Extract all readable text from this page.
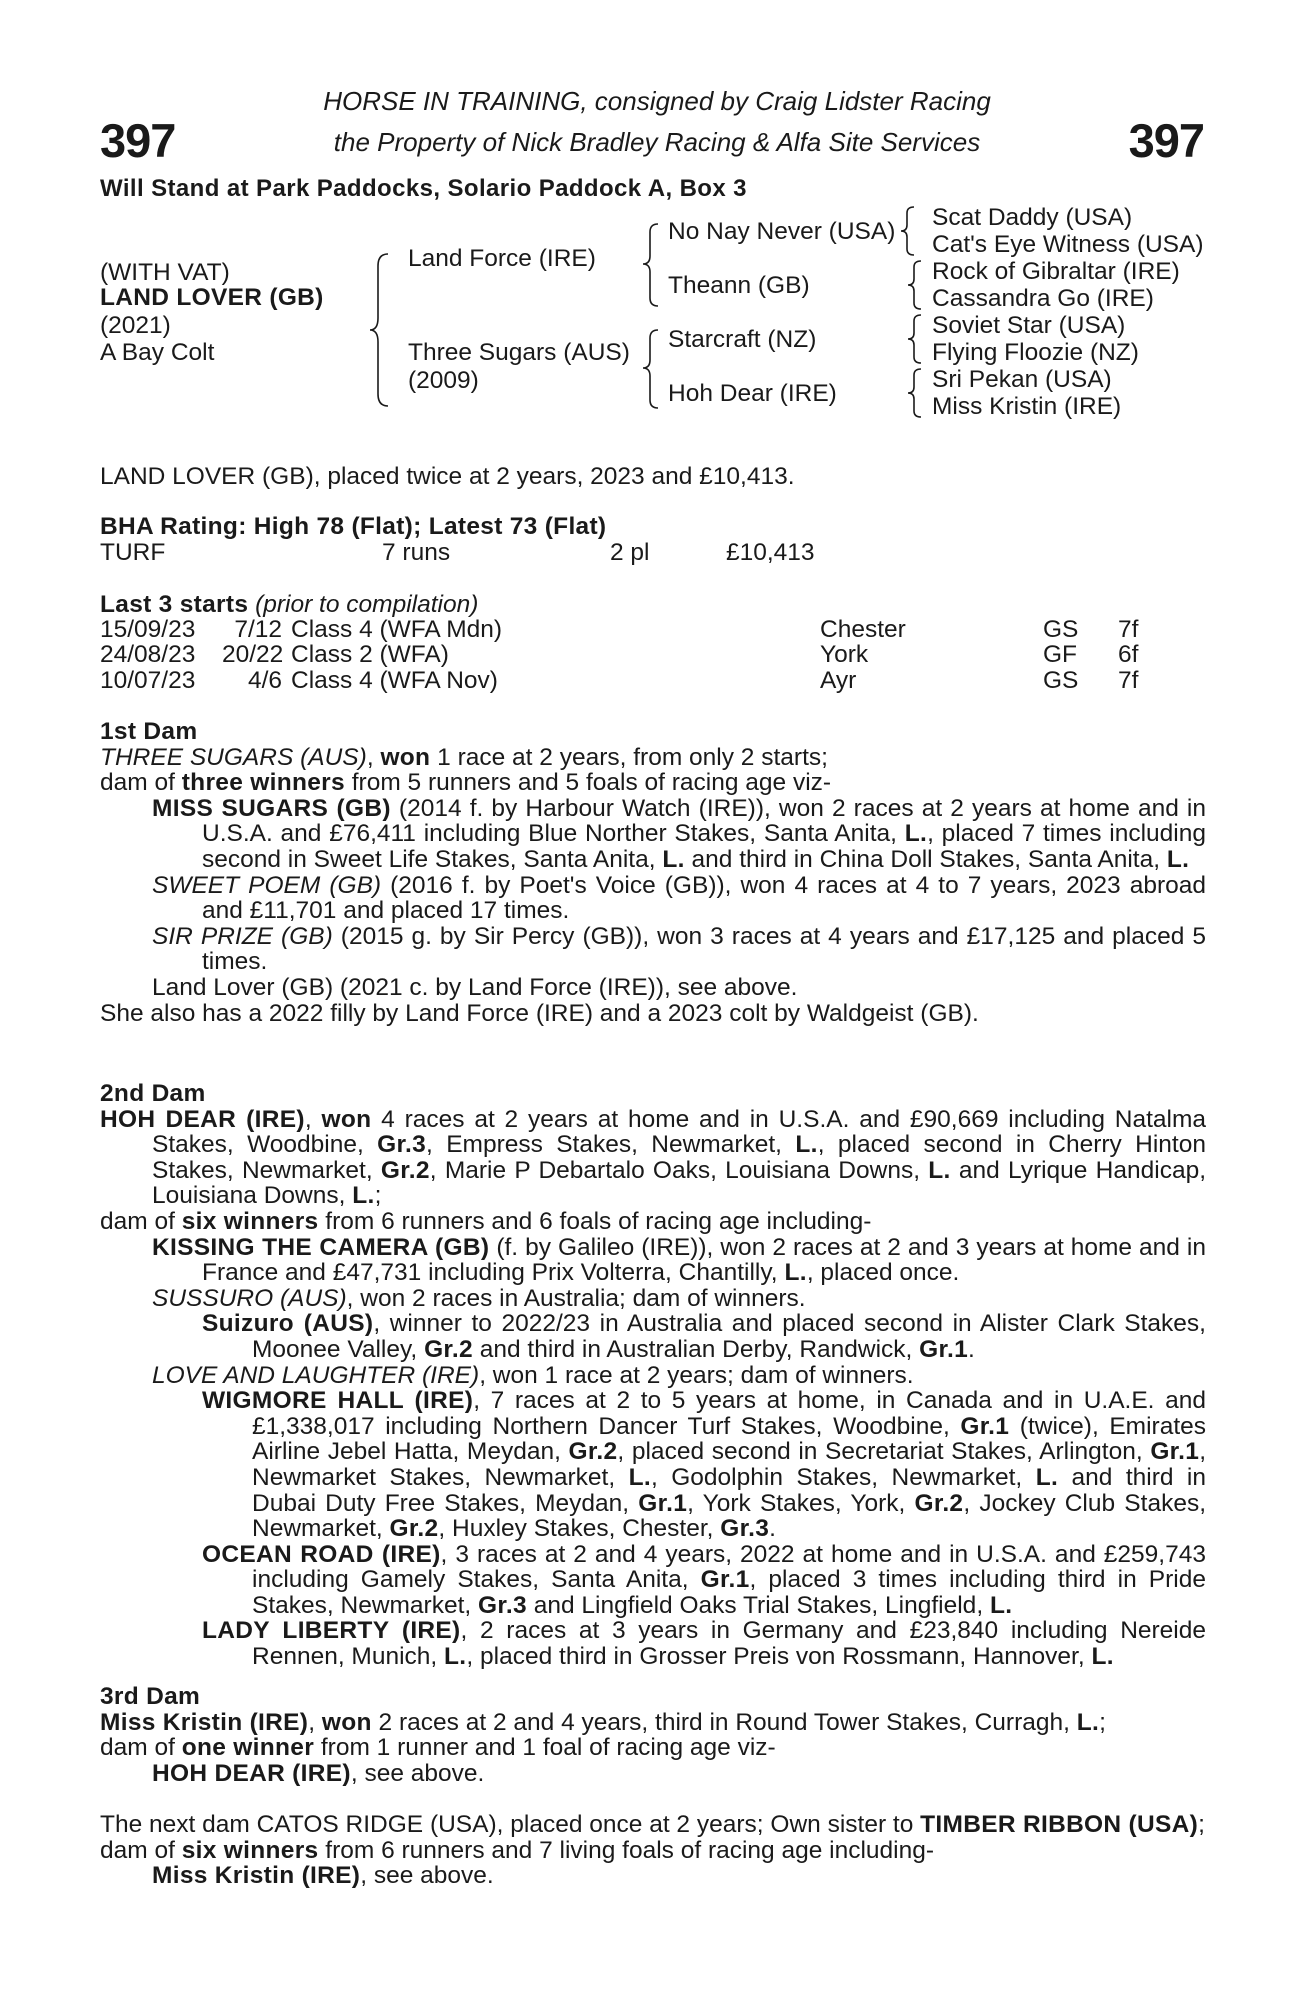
397	397
HORSE IN TRAINING, consigned by Craig Lidster Racing
the Property of Nick Bradley Racing & Alfa Site Services
Will Stand at Park Paddocks, Solario Paddock A, Box 3
(WITH VAT)
LAND LOVER (GB)
(2021)
A Bay Colt
Land Force (IRE)
Three Sugars (AUS)
(2009)
No Nay Never (USA)
Theann (GB)
Starcraft (NZ)
Hoh Dear (IRE)
Scat Daddy (USA)
Cat's Eye Witness (USA)
Rock of Gibraltar (IRE)
Cassandra Go (IRE)
Soviet Star (USA)
Flying Floozie (NZ)
Sri Pekan (USA)
Miss Kristin (IRE)
LAND LOVER (GB), placed twice at 2 years, 2023 and £10,413.
BHA Rating: High 78 (Flat); Latest 73 (Flat)
TURF	7 runs	2 pl	£10,413
Last 3 starts (prior to compilation)
15/09/23	7/12 Class 4 (WFA Mdn)	Chester	GS 7f
24/08/23 20/22 Class 2 (WFA)	York	GF 6f
10/07/23	4/6 Class 4 (WFA Nov)	Ayr	GS 7f
1st Dam
THREE SUGARS (AUS), won 1 race at 2 years, from only 2 starts;
dam of three winners from 5 runners and 5 foals of racing age viz-
MISS SUGARS (GB) (2014 f. by Harbour Watch (IRE)), won 2 races at 2 years at home and in U.S.A. and £76,411 including Blue Norther Stakes, Santa Anita, L., placed 7 times including second in Sweet Life Stakes, Santa Anita, L. and third in China Doll Stakes, Santa Anita, L.
SWEET POEM (GB) (2016 f. by Poet's Voice (GB)), won 4 races at 4 to 7 years, 2023 abroad and £11,701 and placed 17 times.
SIR PRIZE (GB) (2015 g. by Sir Percy (GB)), won 3 races at 4 years and £17,125 and placed 5 times.
Land Lover (GB) (2021 c. by Land Force (IRE)), see above.
She also has a 2022 filly by Land Force (IRE) and a 2023 colt by Waldgeist (GB).
2nd Dam
HOH DEAR (IRE), won 4 races at 2 years at home and in U.S.A. and £90,669 including Natalma Stakes, Woodbine, Gr.3, Empress Stakes, Newmarket, L., placed second in Cherry Hinton Stakes, Newmarket, Gr.2, Marie P Debartalo Oaks, Louisiana Downs, L. and Lyrique Handicap, Louisiana Downs, L.;
dam of six winners from 6 runners and 6 foals of racing age including-
KISSING THE CAMERA (GB) (f. by Galileo (IRE)), won 2 races at 2 and 3 years at home and in France and £47,731 including Prix Volterra, Chantilly, L., placed once.
SUSSURO (AUS), won 2 races in Australia; dam of winners.
Suizuro (AUS), winner to 2022/23 in Australia and placed second in Alister Clark Stakes, Moonee Valley, Gr.2 and third in Australian Derby, Randwick, Gr.1.
LOVE AND LAUGHTER (IRE), won 1 race at 2 years; dam of winners.
WIGMORE HALL (IRE), 7 races at 2 to 5 years at home, in Canada and in U.A.E. and £1,338,017 including Northern Dancer Turf Stakes, Woodbine, Gr.1 (twice), Emirates Airline Jebel Hatta, Meydan, Gr.2, placed second in Secretariat Stakes, Arlington, Gr.1, Newmarket Stakes, Newmarket, L., Godolphin Stakes, Newmarket, L. and third in Dubai Duty Free Stakes, Meydan, Gr.1, York Stakes, York, Gr.2, Jockey Club Stakes, Newmarket, Gr.2, Huxley Stakes, Chester, Gr.3.
OCEAN ROAD (IRE), 3 races at 2 and 4 years, 2022 at home and in U.S.A. and £259,743 including Gamely Stakes, Santa Anita, Gr.1, placed 3 times including third in Pride Stakes, Newmarket, Gr.3 and Lingfield Oaks Trial Stakes, Lingfield, L.
LADY LIBERTY (IRE), 2 races at 3 years in Germany and £23,840 including Nereide Rennen, Munich, L., placed third in Grosser Preis von Rossmann, Hannover, L.
3rd Dam
Miss Kristin (IRE), won 2 races at 2 and 4 years, third in Round Tower Stakes, Curragh, L.;
dam of one winner from 1 runner and 1 foal of racing age viz-
HOH DEAR (IRE), see above.
The next dam CATOS RIDGE (USA), placed once at 2 years; Own sister to TIMBER RIBBON (USA);
dam of six winners from 6 runners and 7 living foals of racing age including-
Miss Kristin (IRE), see above.
